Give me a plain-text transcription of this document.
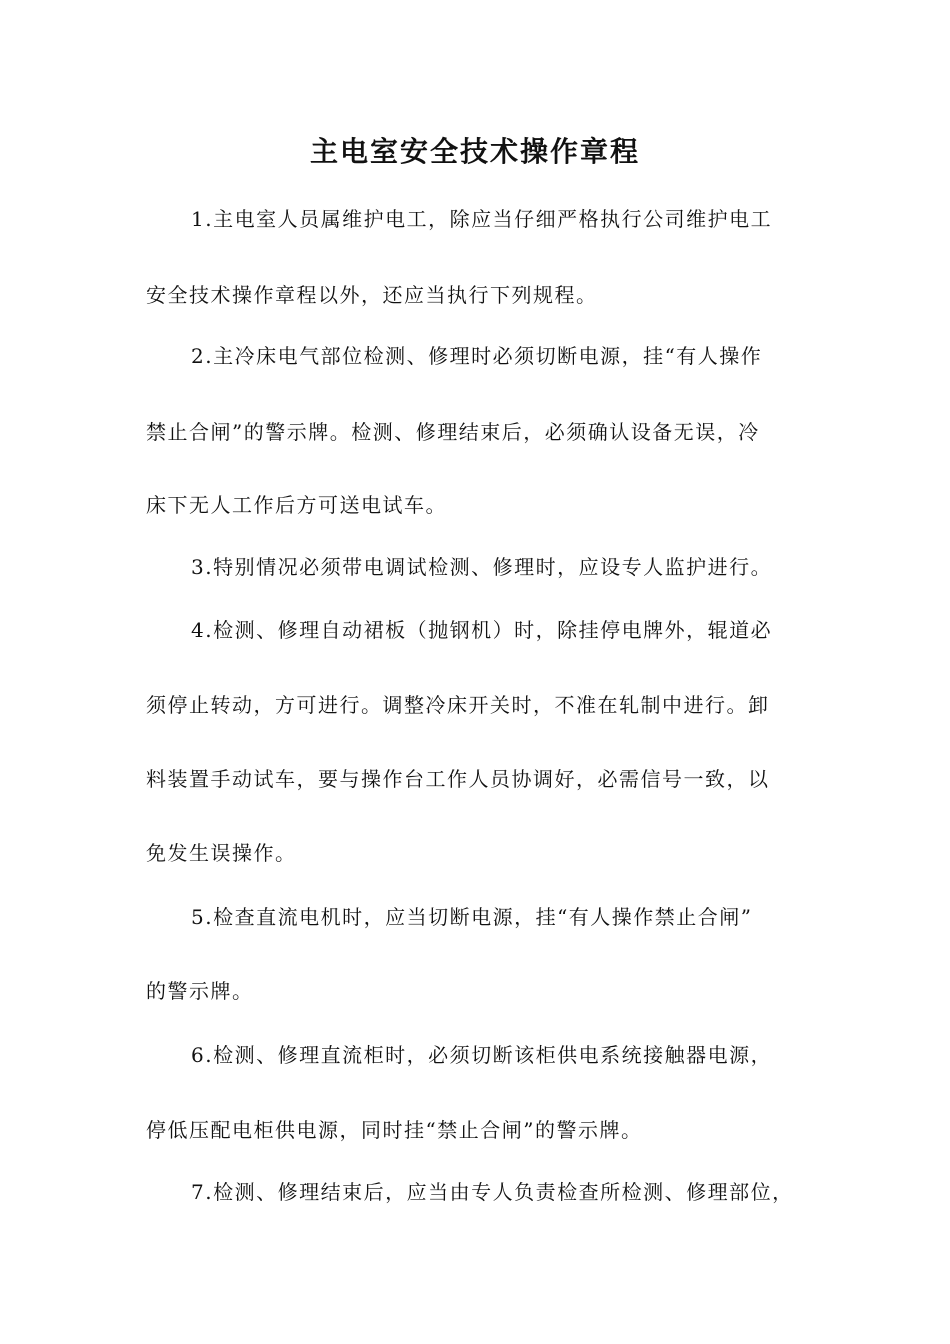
主电室安全技术操作章程
1.主电室人员属维护电工，除应当仔细严格执行公司维护电工
安全技术操作章程以外，还应当执行下列规程。
2.主冷床电气部位检测、修理时必须切断电源，挂“有人操作
禁止合闸”的警示牌。检测、修理结束后，必须确认设备无误，冷
床下无人工作后方可送电试车。
3.特别情况必须带电调试检测、修理时，应设专人监护进行。
4.检测、修理自动裙板（抛钢机）时，除挂停电牌外，辊道必
须停止转动，方可进行。调整冷床开关时，不准在轧制中进行。卸
料装置手动试车，要与操作台工作人员协调好，必需信号一致，以
免发生误操作。
5.检查直流电机时，应当切断电源，挂“有人操作禁止合闸”
的警示牌。
6.检测、修理直流柜时，必须切断该柜供电系统接触器电源，
停低压配电柜供电源，同时挂“禁止合闸”的警示牌。
7.检测、修理结束后，应当由专人负责检查所检测、修理部位，
